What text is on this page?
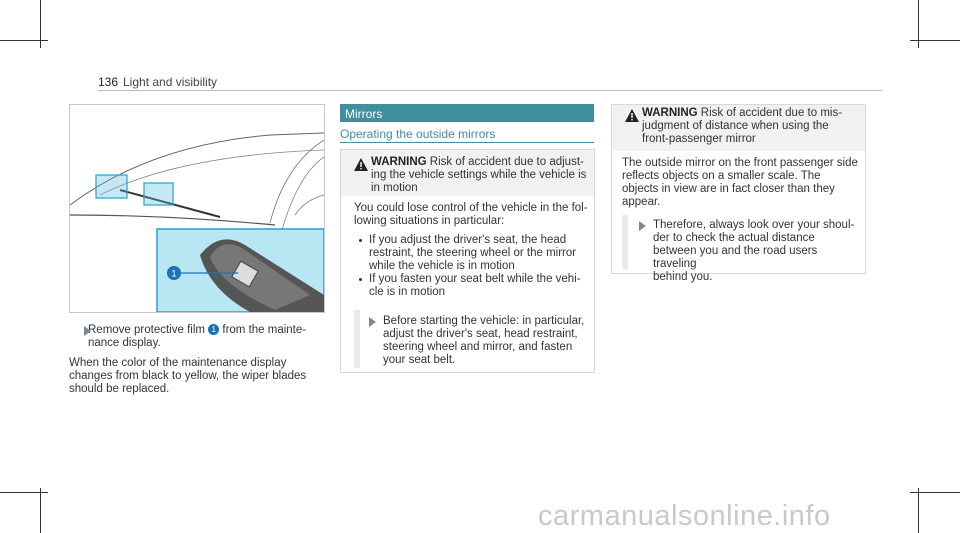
136 Light and visibility
1
Remove protective film 1 from the mainte-
nance display.
When the color of the maintenance display
changes from black to yellow, the wiper blades
should be replaced.
Mirrors
Operating the outside mirrors
WARNING Risk of accident due to adjust-
ing the vehicle settings while the vehicle is
in motion
You could lose control of the vehicle in the fol-
lowing situations in particular:
If you adjust the driver's seat, the head
restraint, the steering wheel or the mirror
while the vehicle is in motion
If you fasten your seat belt while the vehi-
cle is in motion
Before starting the vehicle: in particular,
adjust the driver's seat, head restraint,
steering wheel and mirror, and fasten
your seat belt.
WARNING Risk of accident due to mis-
judgment of distance when using the
front-passenger mirror
The outside mirror on the front passenger side
reflects objects on a smaller scale. The
objects in view are in fact closer than they
appear.
Therefore, always look over your shoul-
der to check the actual distance
between you and the road users traveling
behind you.
carmanualsonline.info
